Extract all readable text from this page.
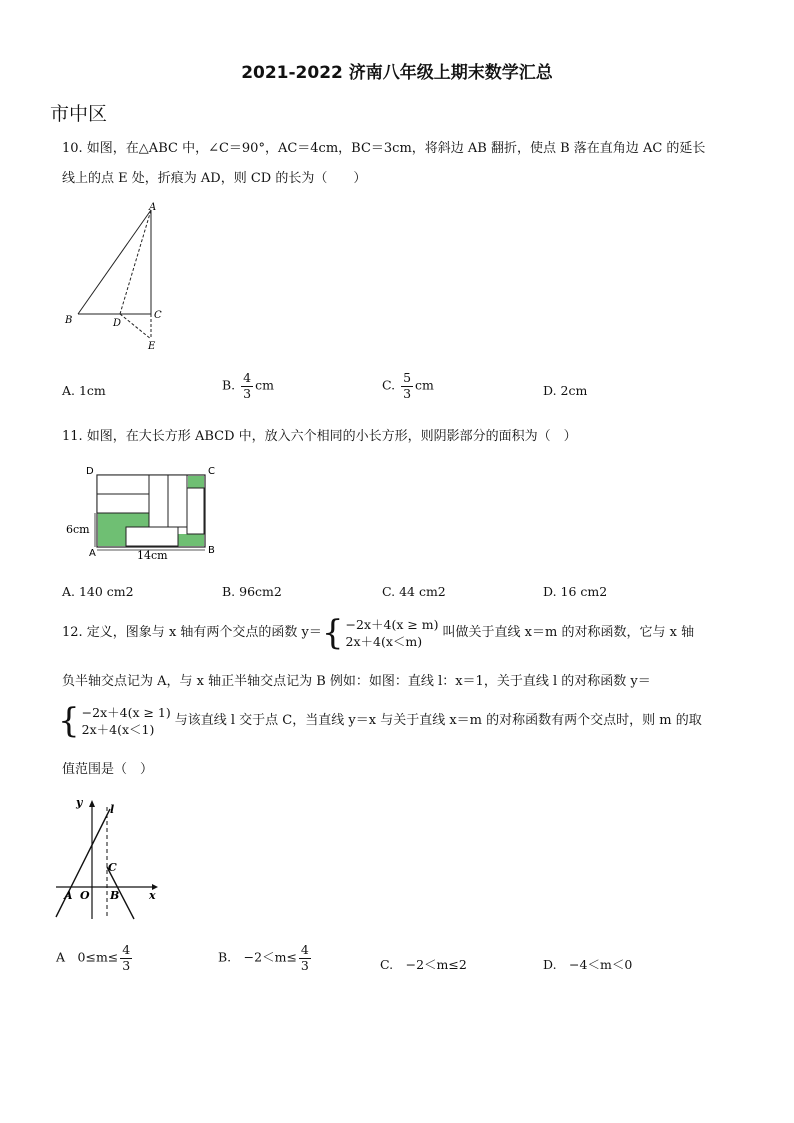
2021-2022 济南八年级上期末数学汇总
市中区
10. 如图，在△ABC 中，∠C＝90°，AC＝4cm，BC＝3cm，将斜边 AB 翻折，使点 B 落在直角边 AC 的延长
线上的点 E 处，折痕为 AD，则 CD 的长为（　　）
A
B	C
D
E
A. 1cm	B. $\frac{4}{3}$ cm	C. $\frac{5}{3}$ cm	D. 2cm
11. 如图，在大长方形 ABCD 中，放入六个相同的小长方形，则阴影部分的面积为（　）
D	C
A	B
6cm
14cm
A. 140 cm2	B. 96cm2	C. 44 cm2	D. 16 cm2
12. 定义，图象与 x 轴有两个交点的函数 y＝ { −2x＋4(x ≥ m)
2x＋4(x＜m)
叫做关于直线 x＝m 的对称函数，它与 x 轴
负半轴交点记为 A，与 x 轴正半轴交点记为 B 例如：如图：直线 l：x＝1，关于直线 l 的对称函数 y＝
{ −2x＋4(x ≥ 1)
2x＋4(x＜1)
与该直线 l 交于点 C，当直线 y＝x 与关于直线 x＝m 的对称函数有两个交点时，则 m 的取
值范围是（　）
y
x
l
C
A O B
A　$0\le m\le \frac{4}{3}$	B.　$-2<m\le \frac{4}{3}$	C.　−2＜m≤2	D.　−4＜m＜0
